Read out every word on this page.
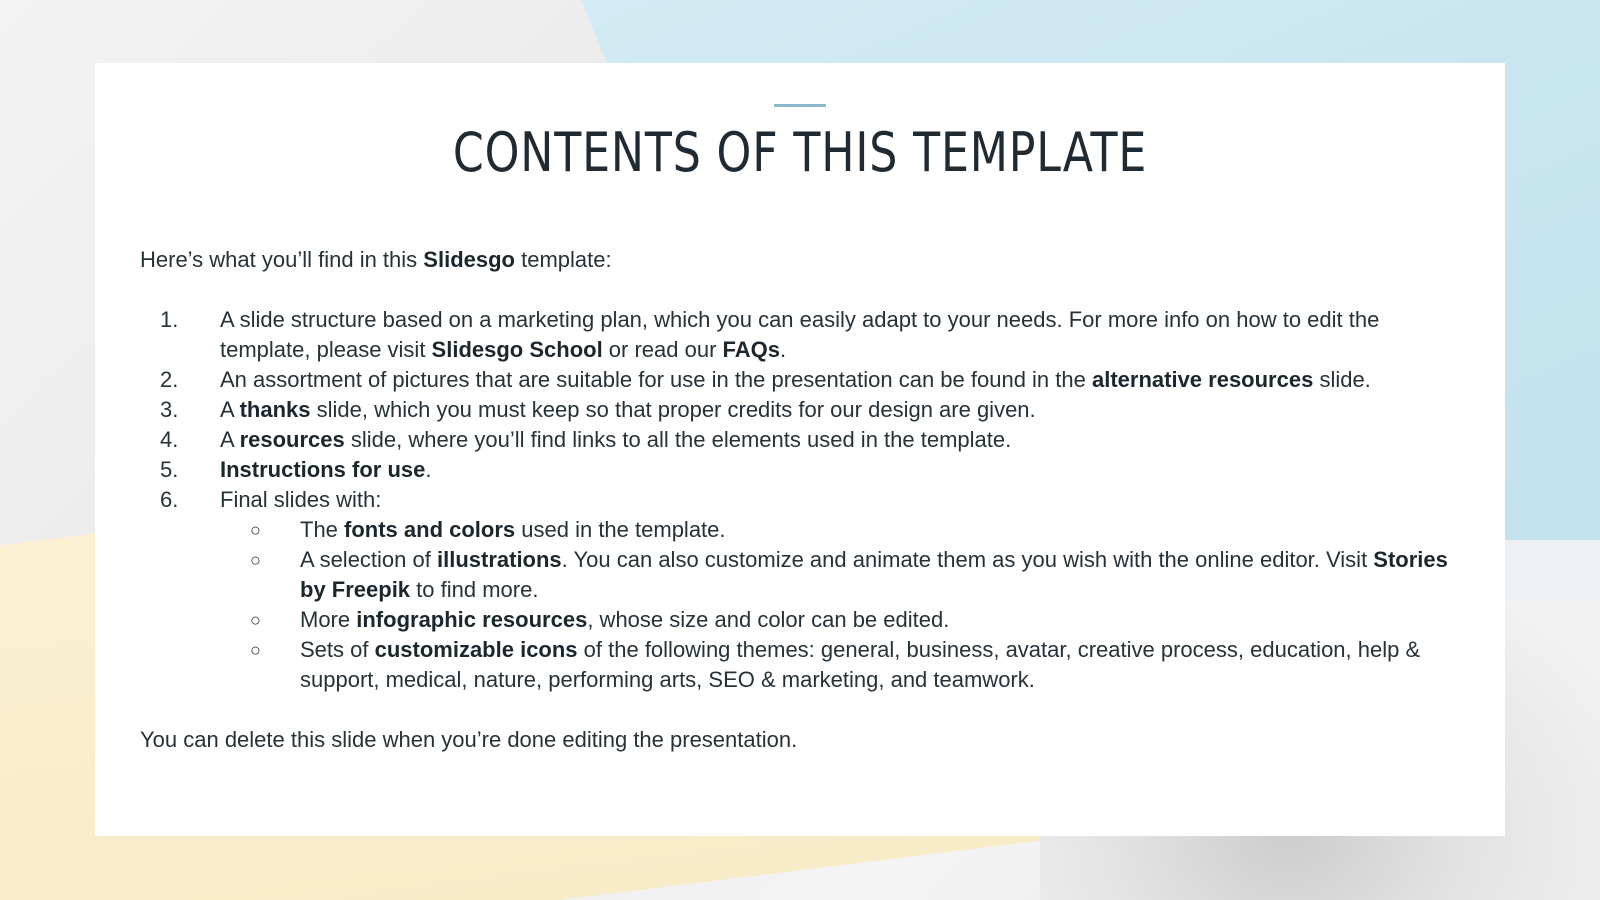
CONTENTS OF THIS TEMPLATE

Here’s what you’ll find in this Slidesgo template:

1. A slide structure based on a marketing plan, which you can easily adapt to your needs. For more info on how to edit the template, please visit Slidesgo School or read our FAQs.
2. An assortment of pictures that are suitable for use in the presentation can be found in the alternative resources slide.
3. A thanks slide, which you must keep so that proper credits for our design are given.
4. A resources slide, where you’ll find links to all the elements used in the template.
5. Instructions for use.
6. Final slides with:
○ The fonts and colors used in the template.
○ A selection of illustrations. You can also customize and animate them as you wish with the online editor. Visit Stories by Freepik to find more.
○ More infographic resources, whose size and color can be edited.
○ Sets of customizable icons of the following themes: general, business, avatar, creative process, education, help & support, medical, nature, performing arts, SEO & marketing, and teamwork.

You can delete this slide when you’re done editing the presentation.
